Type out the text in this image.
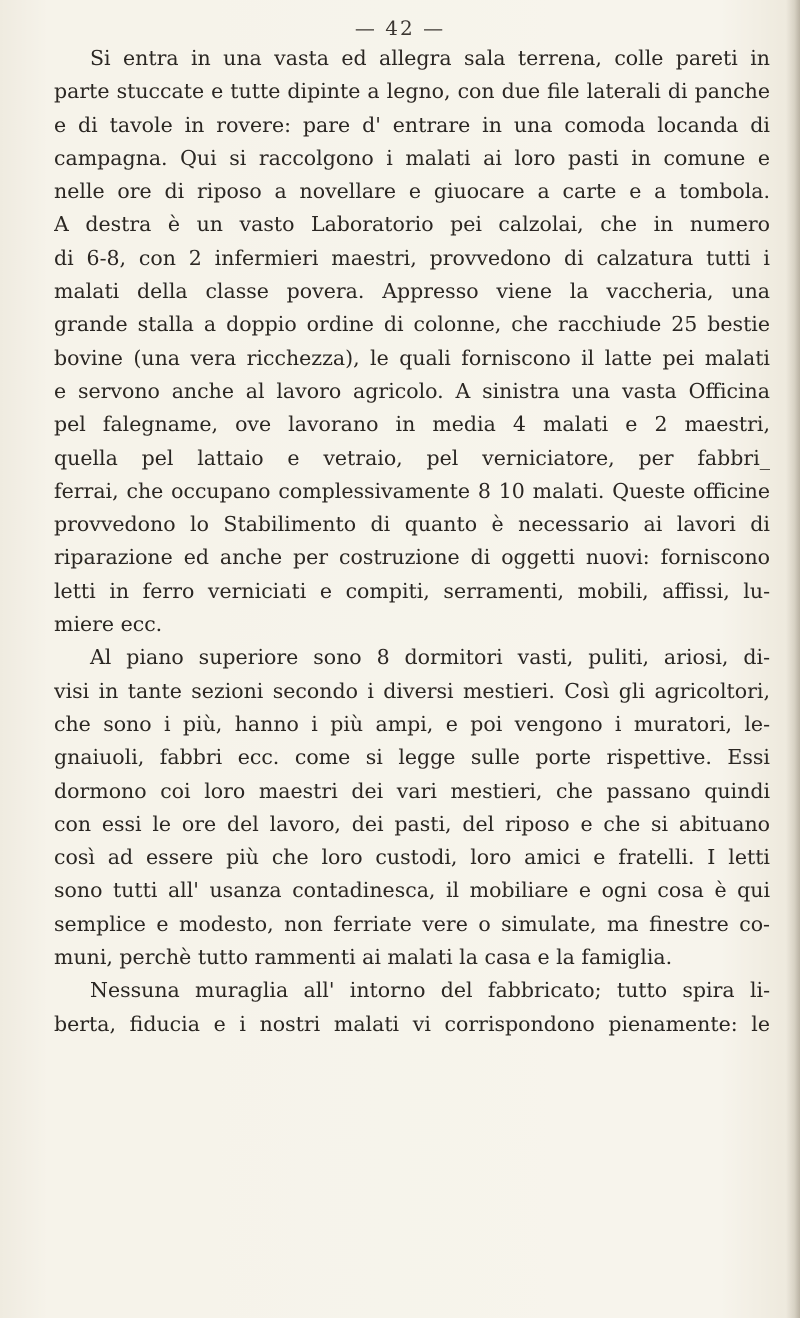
— 42 —
Si entra in una vasta ed allegra sala terrena, colle pareti in
parte stuccate e tutte dipinte a legno, con due file laterali di panche
e di tavole in rovere: pare d' entrare in una comoda locanda di
campagna. Qui si raccolgono i malati ai loro pasti in comune e
nelle ore di riposo a novellare e giuocare a carte e a tombola.
A destra è un vasto Laboratorio pei calzolai, che in numero
di 6-8, con 2 infermieri maestri, provvedono di calzatura tutti i
malati della classe povera. Appresso viene la vaccheria, una
grande stalla a doppio ordine di colonne, che racchiude 25 bestie
bovine (una vera ricchezza), le quali forniscono il latte pei malati
e servono anche al lavoro agricolo. A sinistra una vasta Officina
pel falegname, ove lavorano in media 4 malati e 2 maestri,
quella pel lattaio e vetraio, pel verniciatore, per fabbri_
ferrai, che occupano complessivamente 8 10 malati. Queste officine
provvedono lo Stabilimento di quanto è necessario ai lavori di
riparazione ed anche per costruzione di oggetti nuovi: forniscono
letti in ferro verniciati e compiti, serramenti, mobili, affissi, lu-
miere ecc.
Al piano superiore sono 8 dormitori vasti, puliti, ariosi, di-
visi in tante sezioni secondo i diversi mestieri. Così gli agricoltori,
che sono i più, hanno i più ampi, e poi vengono i muratori, le-
gnaiuoli, fabbri ecc. come si legge sulle porte rispettive. Essi
dormono coi loro maestri dei vari mestieri, che passano quindi
con essi le ore del lavoro, dei pasti, del riposo e che si abituano
così ad essere più che loro custodi, loro amici e fratelli. I letti
sono tutti all' usanza contadinesca, il mobiliare e ogni cosa è qui
semplice e modesto, non ferriate vere o simulate, ma finestre co-
muni, perchè tutto rammenti ai malati la casa e la famiglia.
Nessuna muraglia all' intorno del fabbricato; tutto spira li-
berta, fiducia e i nostri malati vi corrispondono pienamente: le
